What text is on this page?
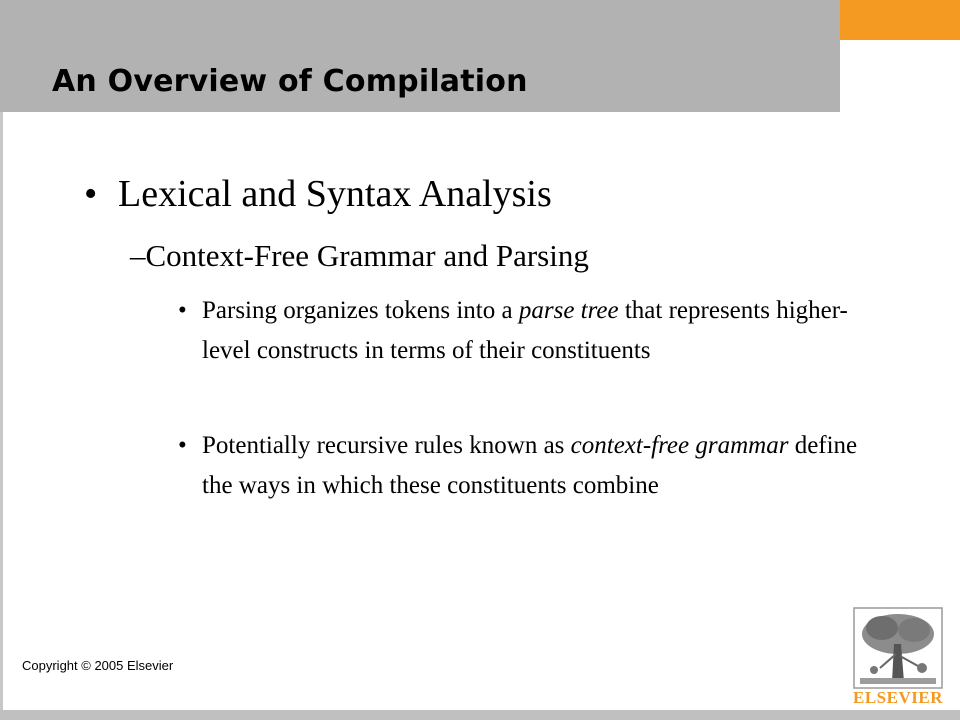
An Overview of Compilation
• Lexical and Syntax Analysis
–Context-Free Grammar and Parsing
• Parsing organizes tokens into a parse tree that represents higher-level constructs in terms of their constituents
• Potentially recursive rules known as context-free grammar define the ways in which these constituents combine
Copyright © 2005 Elsevier
ELSEVIER
